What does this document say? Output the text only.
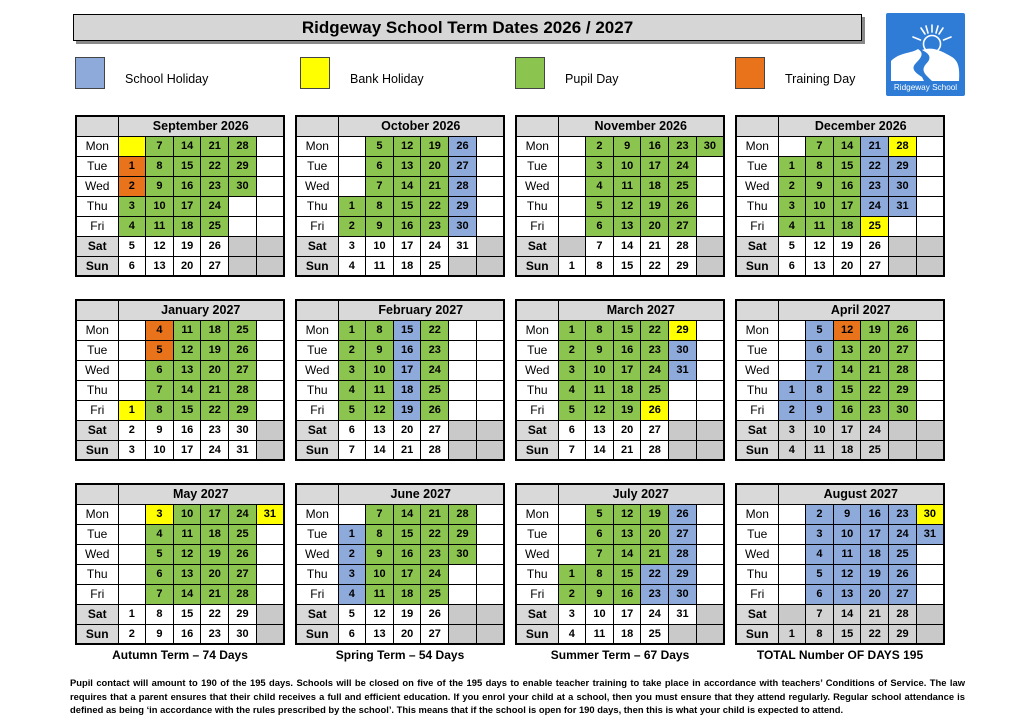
Ridgeway School Term Dates 2026 / 2027
Ridgeway School
School Holiday	Bank Holiday	Pupil Day	Training Day
	September 2026					
Mon		7	14	21	28	
Tue	1	8	15	22	29	
Wed	2	9	16	23	30	
Thu	3	10	17	24		
Fri	4	11	18	25		
Sat	5	12	19	26		
Sun	6	13	20	27		
	October 2026					
Mon		5	12	19	26	
Tue		6	13	20	27	
Wed		7	14	21	28	
Thu	1	8	15	22	29	
Fri	2	9	16	23	30	
Sat	3	10	17	24	31	
Sun	4	11	18	25		
	November 2026					
Mon		2	9	16	23	30
Tue		3	10	17	24	
Wed		4	11	18	25	
Thu		5	12	19	26	
Fri		6	13	20	27	
Sat		7	14	21	28	
Sun	1	8	15	22	29	
	December 2026					
Mon		7	14	21	28	
Tue	1	8	15	22	29	
Wed	2	9	16	23	30	
Thu	3	10	17	24	31	
Fri	4	11	18	25		
Sat	5	12	19	26		
Sun	6	13	20	27		
	January 2027					
Mon		4	11	18	25	
Tue		5	12	19	26	
Wed		6	13	20	27	
Thu		7	14	21	28	
Fri	1	8	15	22	29	
Sat	2	9	16	23	30	
Sun	3	10	17	24	31	
	February 2027					
Mon	1	8	15	22		
Tue	2	9	16	23		
Wed	3	10	17	24		
Thu	4	11	18	25		
Fri	5	12	19	26		
Sat	6	13	20	27		
Sun	7	14	21	28		
	March 2027					
Mon	1	8	15	22	29	
Tue	2	9	16	23	30	
Wed	3	10	17	24	31	
Thu	4	11	18	25		
Fri	5	12	19	26		
Sat	6	13	20	27		
Sun	7	14	21	28		
	April 2027					
Mon		5	12	19	26	
Tue		6	13	20	27	
Wed		7	14	21	28	
Thu	1	8	15	22	29	
Fri	2	9	16	23	30	
Sat	3	10	17	24		
Sun	4	11	18	25		
	May 2027					
Mon		3	10	17	24	31
Tue		4	11	18	25	
Wed		5	12	19	26	
Thu		6	13	20	27	
Fri		7	14	21	28	
Sat	1	8	15	22	29	
Sun	2	9	16	23	30	
	June 2027					
Mon		7	14	21	28	
Tue	1	8	15	22	29	
Wed	2	9	16	23	30	
Thu	3	10	17	24		
Fri	4	11	18	25		
Sat	5	12	19	26		
Sun	6	13	20	27		
	July 2027					
Mon		5	12	19	26	
Tue		6	13	20	27	
Wed		7	14	21	28	
Thu	1	8	15	22	29	
Fri	2	9	16	23	30	
Sat	3	10	17	24	31	
Sun	4	11	18	25		
	August 2027					
Mon		2	9	16	23	30
Tue		3	10	17	24	31
Wed		4	11	18	25	
Thu		5	12	19	26	
Fri		6	13	20	27	
Sat		7	14	21	28	
Sun	1	8	15	22	29	
Autumn Term – 74 Days	Spring Term – 54 Days	Summer Term – 67 Days	TOTAL Number OF DAYS 195
Pupil contact will amount to 190 of the 195 days. Schools will be closed on five of the 195 days to enable teacher training to take place in accordance with teachers’ Conditions of Service. The law requires that a parent ensures that their child receives a full and efficient education. If you enrol your child at a school, then you must ensure that they attend regularly. Regular school attendance is defined as being ‘in accordance with the rules prescribed by the school’. This means that if the school is open for 190 days, then this is what your child is expected to attend.
